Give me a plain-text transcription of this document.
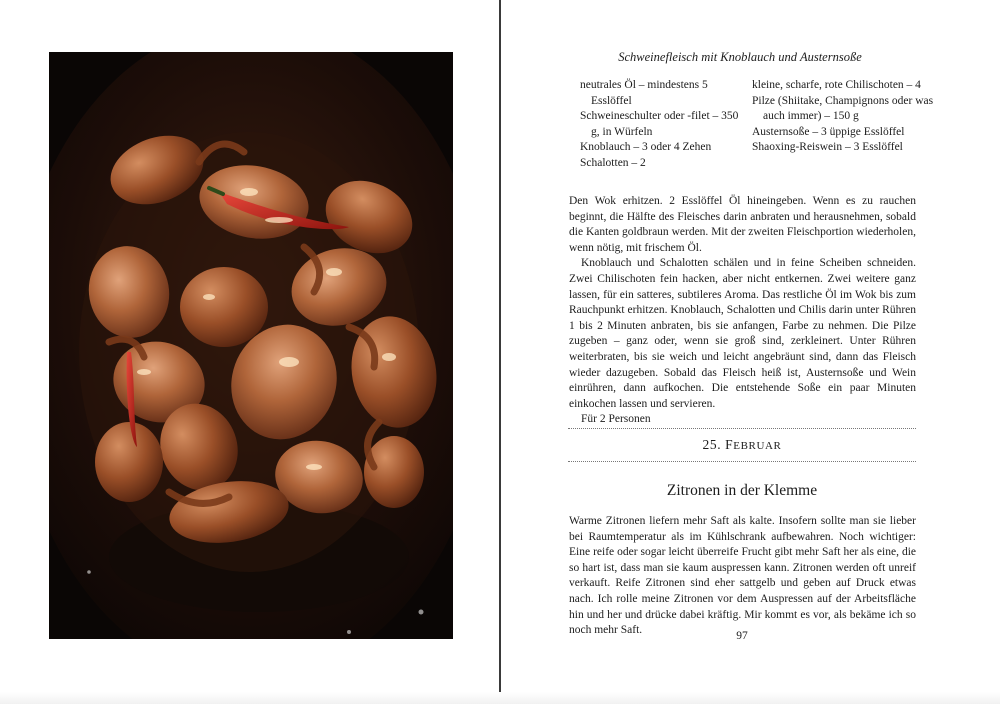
Schweinefleisch mit Knoblauch und Austernsoße

neutrales Öl – mindestens 5 Esslöffel

Schweineschulter oder -filet – 350 g, in Würfeln

Knoblauch – 3 oder 4 Zehen

Schalotten – 2

kleine, scharfe, rote Chilischoten – 4

Pilze (Shiitake, Champignons oder was auch immer) – 150 g

Austernsoße – 3 üppige Esslöffel

Shaoxing-Reiswein – 3 Esslöffel

Den Wok erhitzen. 2 Esslöffel Öl hineingeben. Wenn es zu rauchen beginnt, die Hälfte des Fleisches darin anbraten und herausnehmen, sobald die Kanten goldbraun werden. Mit der zweiten Fleischportion wiederholen, wenn nötig, mit frischem Öl.

Knoblauch und Schalotten schälen und in feine Scheiben schneiden. Zwei Chilischoten fein hacken, aber nicht entkernen. Zwei weitere ganz lassen, für ein satteres, subtileres Aroma. Das restliche Öl im Wok bis zum Rauchpunkt erhitzen. Knoblauch, Schalotten und Chilis darin unter Rühren 1 bis 2 Minuten anbraten, bis sie anfangen, Farbe zu nehmen. Die Pilze zugeben – ganz oder, wenn sie groß sind, zerkleinert. Unter Rühren weiterbraten, bis sie weich und leicht angebräunt sind, dann das Fleisch wieder dazugeben. Sobald das Fleisch heiß ist, Austernsoße und Wein einrühren, dann aufkochen. Die entstehende Soße ein paar Minuten einkochen lassen und servieren.

Für 2 Personen

25. FEBRUAR
Zitronen in der Klemme

Warme Zitronen liefern mehr Saft als kalte. Insofern sollte man sie lieber bei Raumtemperatur als im Kühlschrank aufbewahren. Noch wichtiger: Eine reife oder sogar leicht überreife Frucht gibt mehr Saft her als eine, die so hart ist, dass man sie kaum auspressen kann. Zitronen werden oft unreif verkauft. Reife Zitronen sind eher sattgelb und geben auf Druck etwas nach. Ich rolle meine Zitronen vor dem Auspressen auf der Arbeitsfläche hin und her und drücke dabei kräftig. Mir kommt es vor, als bekäme ich so noch mehr Saft.	97
